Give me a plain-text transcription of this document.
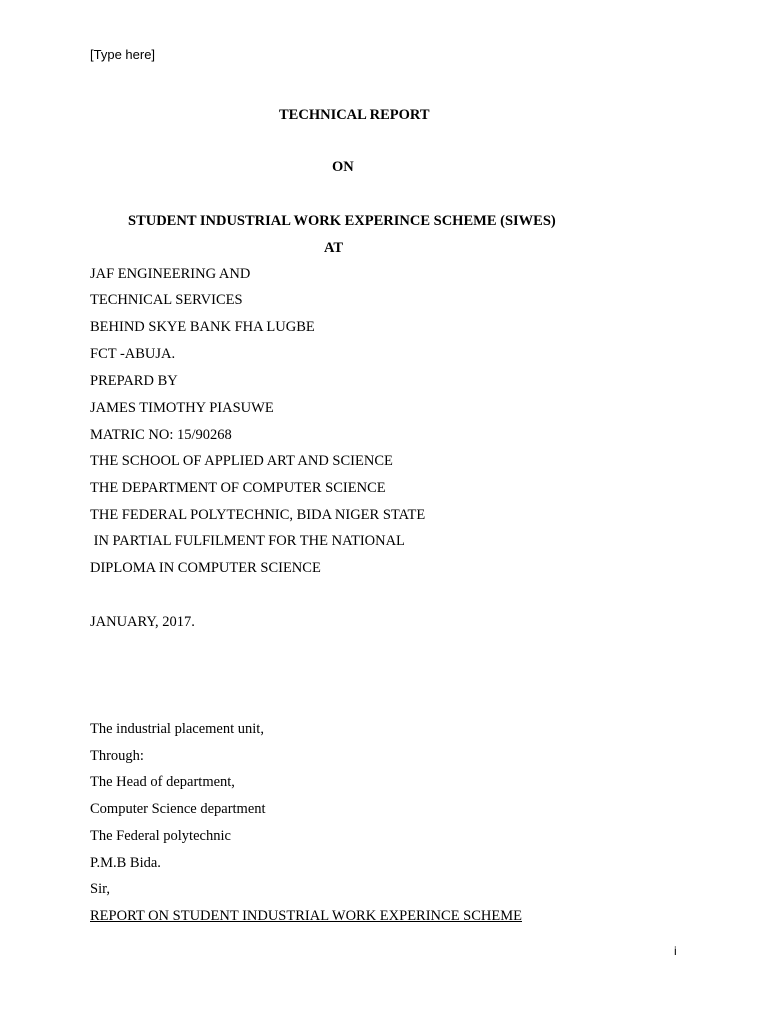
[Type here]
TECHNICAL REPORT
ON
STUDENT INDUSTRIAL WORK EXPERINCE SCHEME (SIWES)
AT
JAF ENGINEERING AND
TECHNICAL SERVICES
BEHIND SKYE BANK FHA LUGBE
FCT -ABUJA.
PREPARD BY
JAMES TIMOTHY PIASUWE
MATRIC NO: 15/90268
THE SCHOOL OF APPLIED ART AND SCIENCE
THE DEPARTMENT OF COMPUTER SCIENCE
THE FEDERAL POLYTECHNIC, BIDA NIGER STATE
IN PARTIAL FULFILMENT FOR THE NATIONAL
DIPLOMA IN COMPUTER SCIENCE
JANUARY, 2017.
The industrial placement unit,
Through:
The Head of department,
Computer Science department
The Federal polytechnic
P.M.B Bida.
Sir,
REPORT ON STUDENT INDUSTRIAL WORK EXPERINCE SCHEME
i
